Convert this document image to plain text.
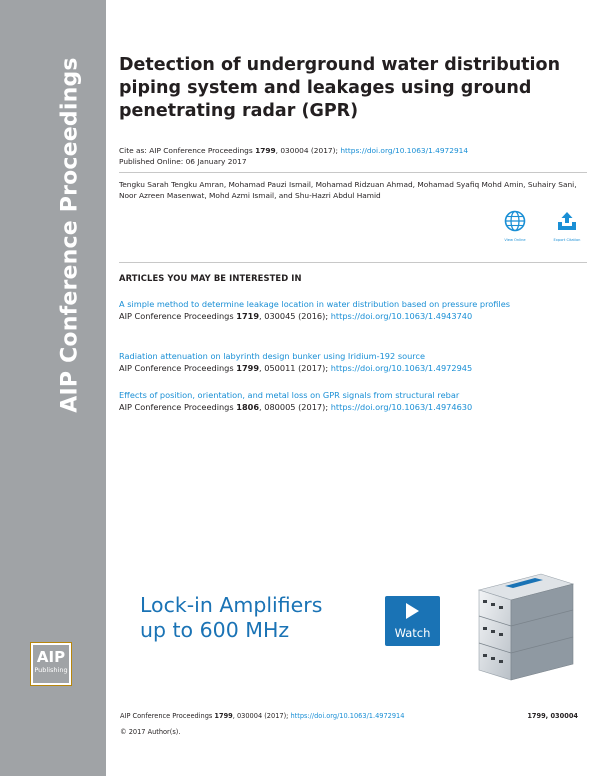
AIP Conference Proceedings
AIP
Publishing
Detection of underground water distribution piping system and leakages using ground penetrating radar (GPR)
Cite as: AIP Conference Proceedings 1799, 030004 (2017); https://doi.org/10.1063/1.4972914
Published Online: 06 January 2017
Tengku Sarah Tengku Amran, Mohamad Pauzi Ismail, Mohamad Ridzuan Ahmad, Mohamad Syafiq Mohd Amin, Suhairy Sani, Noor Azreen Masenwat, Mohd Azmi Ismail, and Shu-Hazri Abdul Hamid
View Online	Export Citation
ARTICLES YOU MAY BE INTERESTED IN
A simple method to determine leakage location in water distribution based on pressure profiles
AIP Conference Proceedings 1719, 030045 (2016); https://doi.org/10.1063/1.4943740
Radiation attenuation on labyrinth design bunker using Iridium-192 source
AIP Conference Proceedings 1799, 050011 (2017); https://doi.org/10.1063/1.4972945
Effects of position, orientation, and metal loss on GPR signals from structural rebar
AIP Conference Proceedings 1806, 080005 (2017); https://doi.org/10.1063/1.4974630
Lock-in Amplifiers
up to 600 MHz	Watch
AIP Conference Proceedings 1799, 030004 (2017); https://doi.org/10.1063/1.4972914	1799, 030004
© 2017 Author(s).
